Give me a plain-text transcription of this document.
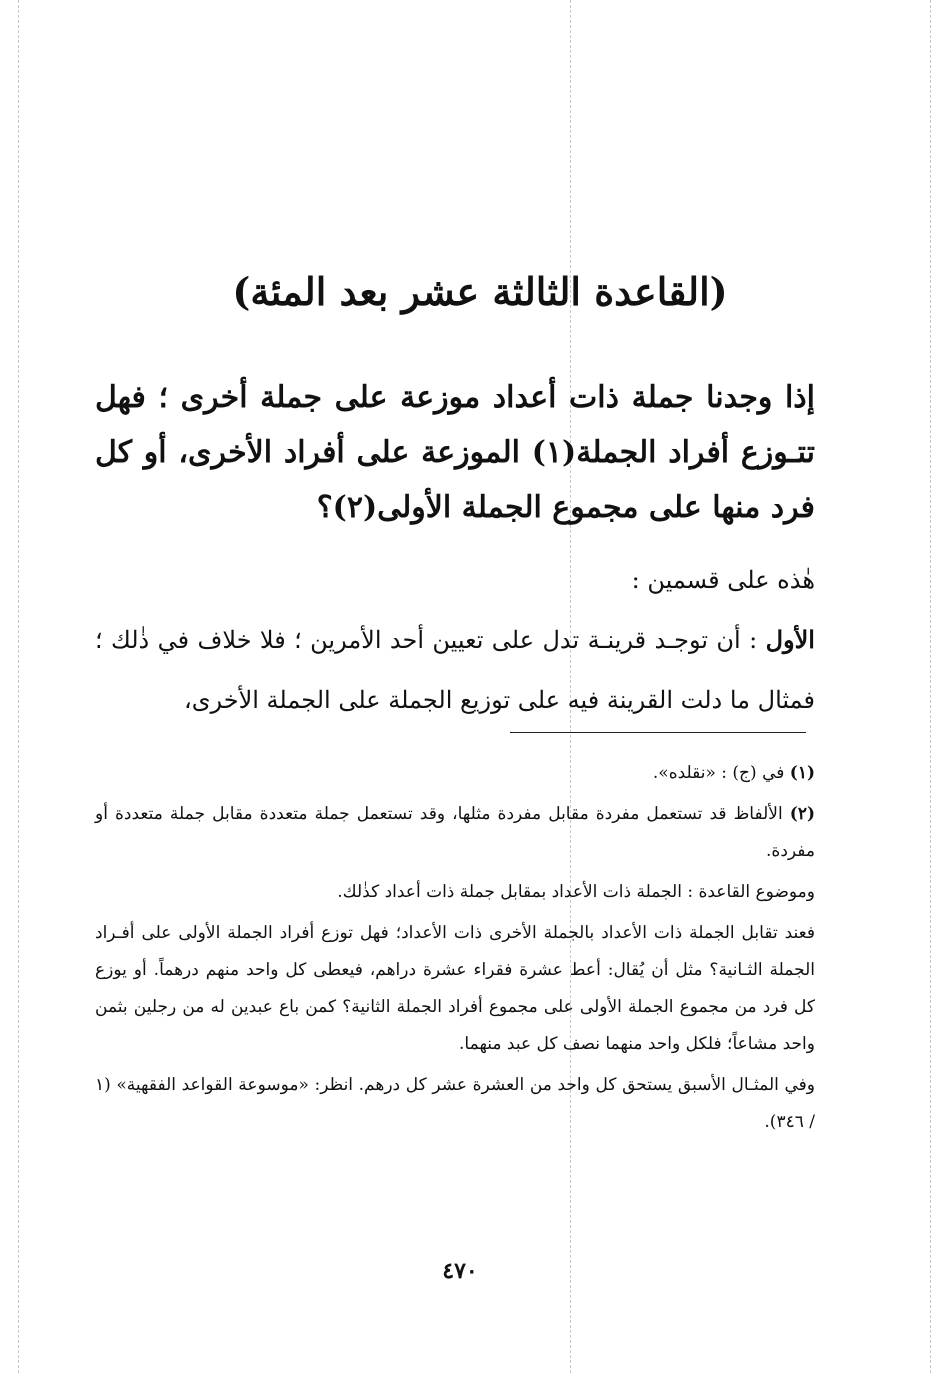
(القاعدة الثالثة عشر بعد المئة)
إذا وجدنا جملة ذات أعداد موزعة على جملة أخرى ؛ فهل تتـوزع أفراد الجملة(١) الموزعة على أفراد الأخرى، أو كل فرد منها على مجموع الجملة الأولى(٢)؟

هٰذه على قسمين :

الأول : أن توجـد قرينـة تدل على تعيين أحد الأمرين ؛ فلا خلاف في ذٰلك ؛ فمثال ما دلت القرينة فيه على توزيع الجملة على الجملة الأخرى،

(١) في (ج) : «نقلده».

(٢) الألفاظ قد تستعمل مفردة مقابل مفردة مثلها، وقد تستعمل جملة متعددة مقابل جملة متعددة أو مفردة.

وموضوع القاعدة : الجملة ذات الأعداد بمقابل جملة ذات أعداد كذٰلك.

فعند تقابل الجملة ذات الأعداد بالجملة الأخرى ذات الأعداد؛ فهل توزع أفراد الجملة الأولى على أفـراد الجملة الثـانية؟ مثل أن يُقال: أعط عشرة فقراء عشرة دراهم، فيعطى كل واحد منهم درهماً. أو يوزع كل فرد من مجموع الجملة الأولى على مجموع أفراد الجملة الثانية؟ كمن باع عبدين له من رجلين بثمن واحد مشاعاً؛ فلكل واحد منهما نصف كل عبد منهما.

وفي المثـال الأسبق يستحق كل واحد من العشرة عشر كل درهم. انظر: «موسوعة القواعد الفقهية» (١ / ٣٤٦).

٤٧٠
